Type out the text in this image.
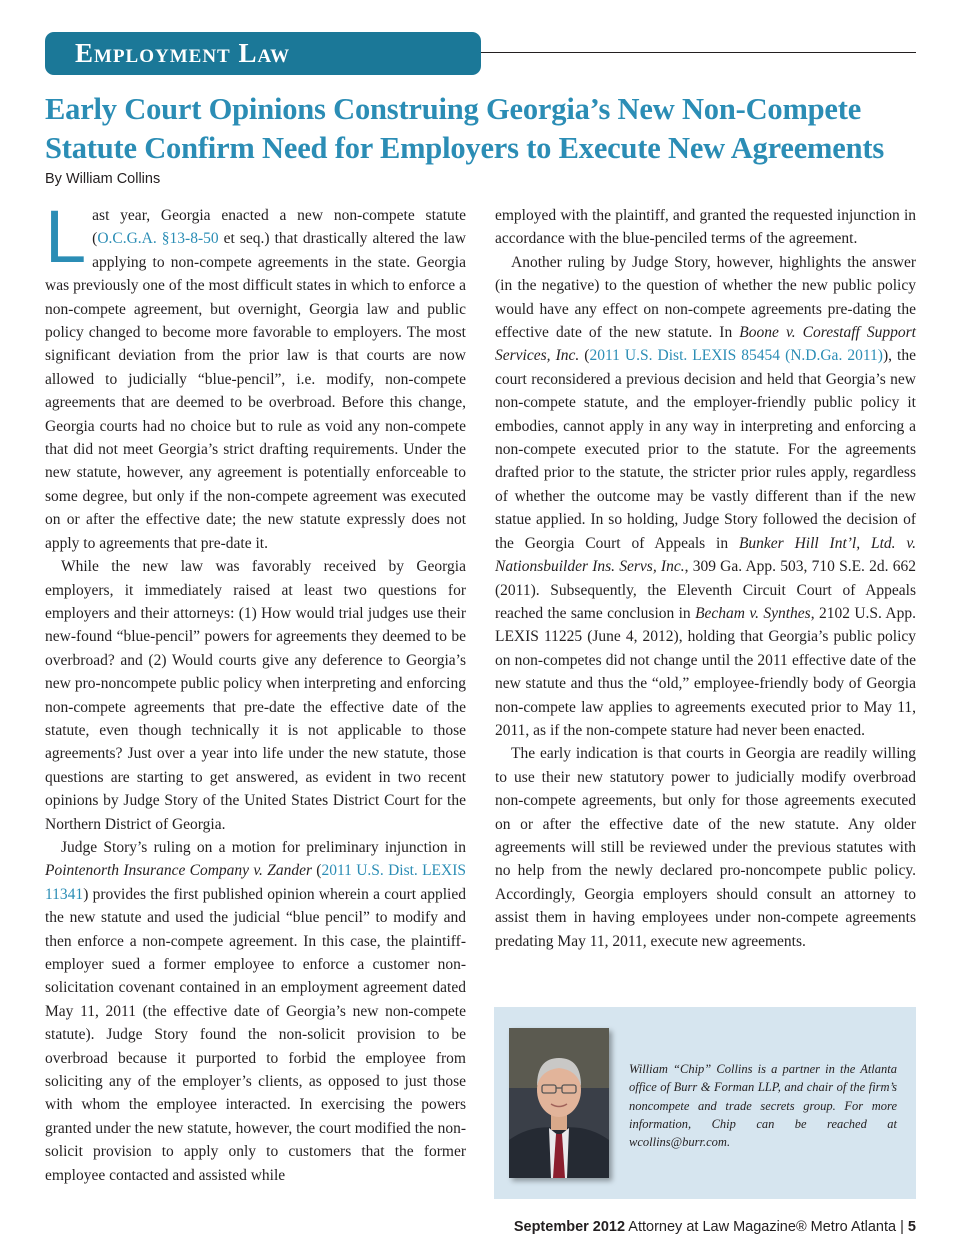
Employment Law
Early Court Opinions Construing Georgia’s New Non-Compete Statute Confirm Need for Employers to Execute New Agreements

By William Collins

Last year, Georgia enacted a new non-compete statute (O.C.G.A. §13-8-50 et seq.) that drastically altered the law applying to non-compete agreements in the state. Georgia was previously one of the most difficult states in which to enforce a non-compete agreement, but overnight, Georgia law and public policy changed to become more favorable to employers. The most significant deviation from the prior law is that courts are now allowed to judicially “blue-pencil”, i.e. modify, non-compete agreements that are deemed to be overbroad. Before this change, Georgia courts had no choice but to rule as void any non-compete that did not meet Georgia’s strict drafting requirements. Under the new statute, however, any agreement is potentially enforceable to some degree, but only if the non-compete agreement was executed on or after the effective date; the new statute expressly does not apply to agreements that pre-date it.

While the new law was favorably received by Georgia employers, it immediately raised at least two questions for employers and their attorneys: (1) How would trial judges use their new-found “blue-pencil” powers for agreements they deemed to be overbroad? and (2) Would courts give any deference to Georgia’s new pro-noncompete public policy when interpreting and enforcing non-compete agreements that pre-date the effective date of the statute, even though technically it is not applicable to those agreements? Just over a year into life under the new statute, those questions are starting to get answered, as evident in two recent opinions by Judge Story of the United States District Court for the Northern District of Georgia.

Judge Story’s ruling on a motion for preliminary injunction in Pointenorth Insurance Company v. Zander (2011 U.S. Dist. LEXIS 11341) provides the first published opinion wherein a court applied the new statute and used the judicial “blue pencil” to modify and then enforce a non-compete agreement. In this case, the plaintiff-employer sued a former employee to enforce a customer non-solicitation covenant contained in an employment agreement dated May 11, 2011 (the effective date of Georgia’s new non-compete statute). Judge Story found the non-solicit provision to be overbroad because it purported to forbid the employee from soliciting any of the employer’s clients, as opposed to just those with whom the employee interacted. In exercising the powers granted under the new statute, however, the court modified the non-solicit provision to apply only to customers that the former employee contacted and assisted while

employed with the plaintiff, and granted the requested injunction in accordance with the blue-penciled terms of the agreement.

Another ruling by Judge Story, however, highlights the answer (in the negative) to the question of whether the new public policy would have any effect on non-compete agreements pre-dating the effective date of the new statute. In Boone v. Corestaff Support Services, Inc. (2011 U.S. Dist. LEXIS 85454 (N.D.Ga. 2011)), the court reconsidered a previous decision and held that Georgia’s new non-compete statute, and the employer-friendly public policy it embodies, cannot apply in any way in interpreting and enforcing a non-compete executed prior to the statute. For the agreements drafted prior to the statute, the stricter prior rules apply, regardless of whether the outcome may be vastly different than if the new statue applied. In so holding, Judge Story followed the decision of the Georgia Court of Appeals in Bunker Hill Int’l, Ltd. v. Nationsbuilder Ins. Servs, Inc., 309 Ga. App. 503, 710 S.E. 2d. 662 (2011). Subsequently, the Eleventh Circuit Court of Appeals reached the same conclusion in Becham v. Synthes, 2102 U.S. App. LEXIS 11225 (June 4, 2012), holding that Georgia’s public policy on non-competes did not change until the 2011 effective date of the new statute and thus the “old,” employee-friendly body of Georgia non-compete law applies to agreements executed prior to May 11, 2011, as if the non-compete stature had never been enacted.

The early indication is that courts in Georgia are readily willing to use their new statutory power to judicially modify overbroad non-compete agreements, but only for those agreements executed on or after the effective date of the new statute. Any older agreements will still be reviewed under the previous statutes with no help from the newly declared pro-noncompete public policy. Accordingly, Georgia employers should consult an attorney to assist them in having employees under non-compete agreements predating May 11, 2011, execute new agreements.

William “Chip” Collins is a partner in the Atlanta office of Burr & Forman LLP, and chair of the firm’s noncompete and trade secrets group. For more information, Chip can be reached at wcollins@burr.com.

September 2012 Attorney at Law Magazine® Metro Atlanta | 5
